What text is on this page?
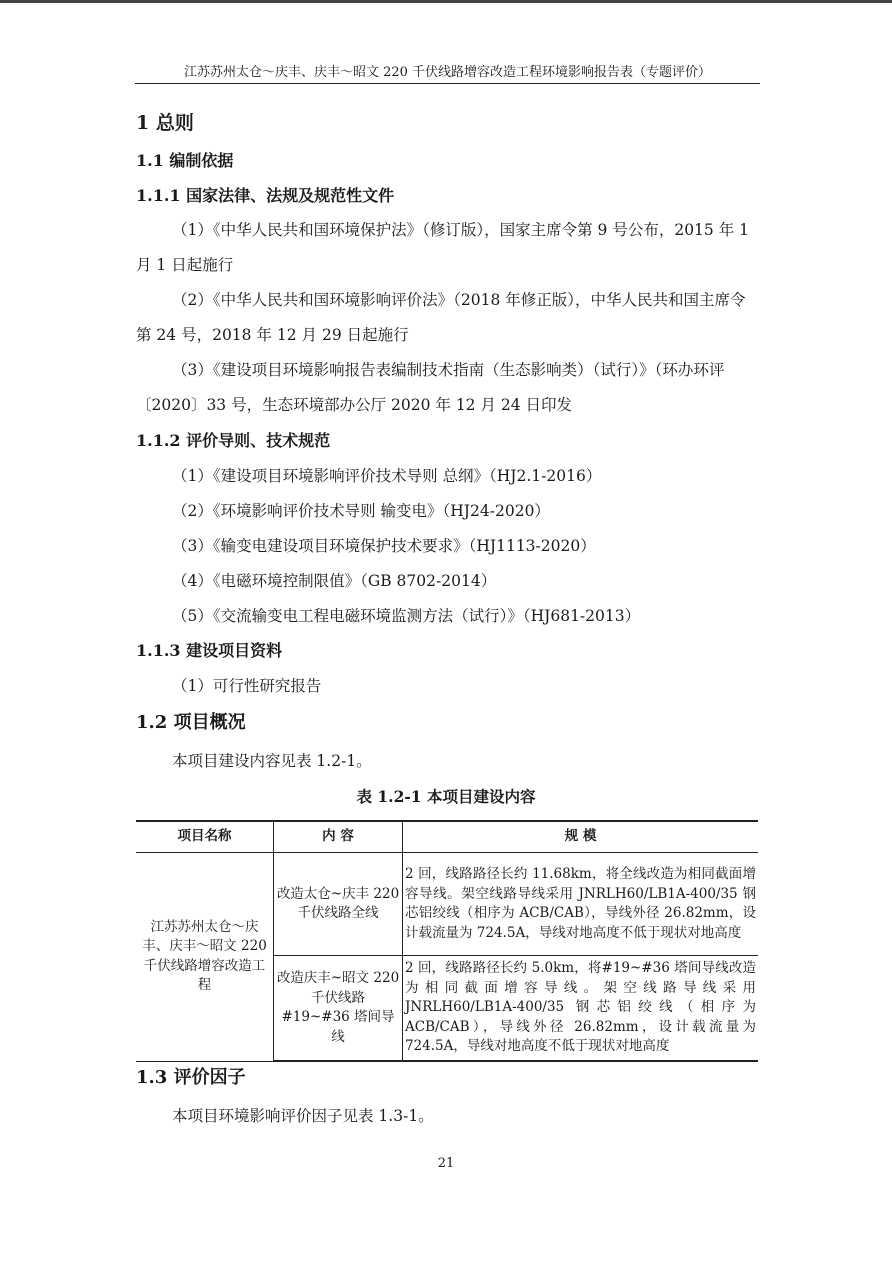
江苏苏州太仓～庆丰、庆丰～昭文 220 千伏线路增容改造工程环境影响报告表（专题评价）
1 总则
1.1 编制依据
1.1.1 国家法律、法规及规范性文件
（1）《中华人民共和国环境保护法》（修订版），国家主席令第 9 号公布，2015 年 1 月 1 日起施行
（2）《中华人民共和国环境影响评价法》（2018 年修正版），中华人民共和国主席令第 24 号，2018 年 12 月 29 日起施行
（3）《建设项目环境影响报告表编制技术指南（生态影响类）（试行）》（环办环评〔2020〕33 号，生态环境部办公厅 2020 年 12 月 24 日印发
1.1.2 评价导则、技术规范
（1）《建设项目环境影响评价技术导则 总纲》（HJ2.1-2016）
（2）《环境影响评价技术导则 输变电》（HJ24-2020）
（3）《输变电建设项目环境保护技术要求》（HJ1113-2020）
（4）《电磁环境控制限值》（GB 8702-2014）
（5）《交流输变电工程电磁环境监测方法（试行）》（HJ681-2013）
1.1.3 建设项目资料
（1）可行性研究报告
1.2 项目概况
本项目建设内容见表 1.2-1。
表 1.2-1 本项目建设内容
项目名称	内 容	规 模
江苏苏州太仓～庆丰、庆丰～昭文 220 千伏线路增容改造工程	改造太仓~庆丰 220 千伏线路全线	2 回，线路路径长约 11.68km，将全线改造为相同截面增容导线。架空线路导线采用 JNRLH60/LB1A-400/35 钢芯铝绞线（相序为 ACB/CAB），导线外径 26.82mm，设计载流量为 724.5A，导线对地高度不低于现状对地高度
	改造庆丰~昭文 220 千伏线路 #19~#36 塔间导线	2 回，线路路径长约 5.0km，将#19~#36 塔间导线改造为相同截面增容导线。架空线路导线采用 JNRLH60/LB1A-400/35 钢芯铝绞线（相序为 ACB/CAB），导线外径 26.82mm，设计载流量为 724.5A，导线对地高度不低于现状对地高度
1.3 评价因子
本项目环境影响评价因子见表 1.3-1。
21
